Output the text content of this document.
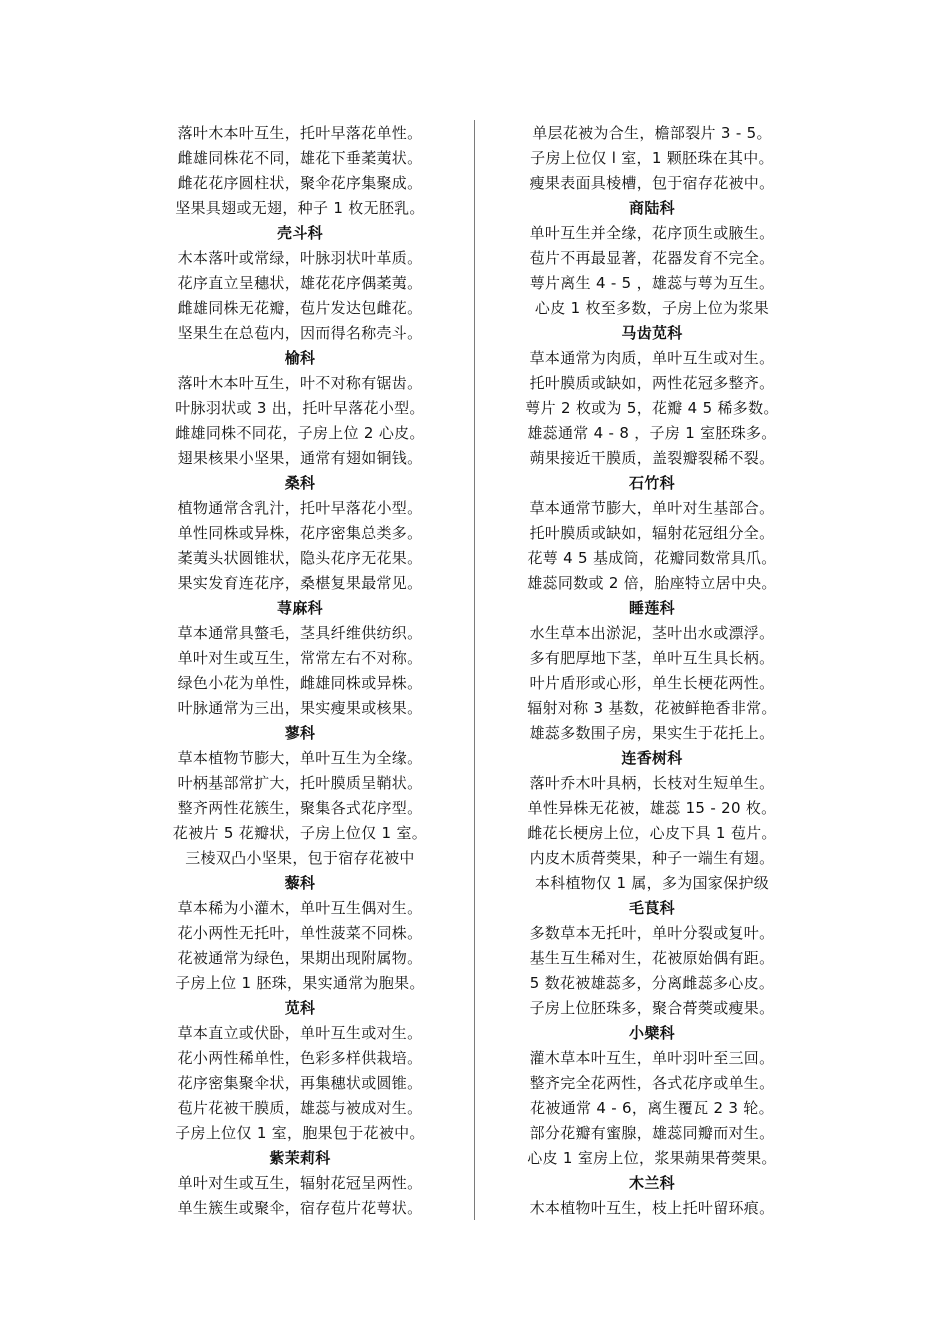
落叶木本叶互生，托叶早落花单性。
雌雄同株花不同，雄花下垂葇荑状。
雌花花序圆柱状，聚伞花序集聚成。
坚果具翅或无翅，种子 1 枚无胚乳。
壳斗科
木本落叶或常绿，叶脉羽状叶革质。
花序直立呈穗状，雄花花序偶葇荑。
雌雄同株无花瓣，苞片发达包雌花。
坚果生在总苞内，因而得名称壳斗。
榆科
落叶木本叶互生，叶不对称有锯齿。
叶脉羽状或 3 出，托叶早落花小型。
雌雄同株不同花，子房上位 2 心皮。
翅果核果小坚果，通常有翅如铜钱。
桑科
植物通常含乳汁，托叶早落花小型。
单性同株或异株，花序密集总类多。
葇荑头状圆锥状，隐头花序无花果。
果实发育连花序，桑椹复果最常见。
荨麻科
草本通常具螫毛，茎具纤维供纺织。
单叶对生或互生，常常左右不对称。
绿色小花为单性，雌雄同株或异株。
叶脉通常为三出，果实瘦果或核果。
蓼科
草本植物节膨大，单叶互生为全缘。
叶柄基部常扩大，托叶膜质呈鞘状。
整齐两性花簇生，聚集各式花序型。
花被片 5 花瓣状，子房上位仅 1 室。
三棱双凸小坚果，包于宿存花被中
藜科
草本稀为小灌木，单叶互生偶对生。
花小两性无托叶，单性菠菜不同株。
花被通常为绿色，果期出现附属物。
子房上位 1 胚珠，果实通常为胞果。
苋科
草本直立或伏卧，单叶互生或对生。
花小两性稀单性，色彩多样供栽培。
花序密集聚伞状，再集穗状或圆锥。
苞片花被干膜质，雄蕊与被成对生。
子房上位仅 1 室，胞果包于花被中。
紫茉莉科
单叶对生或互生，辐射花冠呈两性。
单生簇生或聚伞，宿存苞片花萼状。
单层花被为合生，檐部裂片 3 - 5。
子房上位仅 l 室，1 颗胚珠在其中。
瘦果表面具棱槽，包于宿存花被中。
商陆科
单叶互生并全缘，花序顶生或腋生。
苞片不再最显著，花器发育不完全。
萼片离生 4 - 5 ，雄蕊与萼为互生。
心皮 1 枚至多数，子房上位为浆果
马齿苋科
草本通常为肉质，单叶互生或对生。
托叶膜质或缺如，两性花冠多整齐。
萼片 2 枚或为 5，花瓣 4 5 稀多数。
雄蕊通常 4 - 8 ，子房 1 室胚珠多。
蒴果接近干膜质，盖裂瓣裂稀不裂。
石竹科
草本通常节膨大，单叶对生基部合。
托叶膜质或缺如，辐射花冠组分全。
花萼 4 5 基成筒，花瓣同数常具爪。
雄蕊同数或 2 倍，胎座特立居中央。
睡莲科
水生草本出淤泥，茎叶出水或漂浮。
多有肥厚地下茎，单叶互生具长柄。
叶片盾形或心形，单生长梗花两性。
辐射对称 3 基数，花被鲜艳香非常。
雄蕊多数围子房，果实生于花托上。
连香树科
落叶乔木叶具柄，长枝对生短单生。
单性异株无花被，雄蕊 15 - 20 枚。
雌花长梗房上位，心皮下具 1 苞片。
内皮木质蓇葖果，种子一端生有翅。
本科植物仅 1 属，多为国家保护级
毛茛科
多数草本无托叶，单叶分裂或复叶。
基生互生稀对生，花被原始偶有距。
5 数花被雄蕊多，分离雌蕊多心皮。
子房上位胚珠多，聚合蓇葖或瘦果。
小檗科
灌木草本叶互生，单叶羽叶至三回。
整齐完全花两性，各式花序或单生。
花被通常 4 - 6，离生覆瓦 2 3 轮。
部分花瓣有蜜腺，雄蕊同瓣而对生。
心皮 1 室房上位，浆果蒴果蓇葖果。
木兰科
木本植物叶互生，枝上托叶留环痕。
